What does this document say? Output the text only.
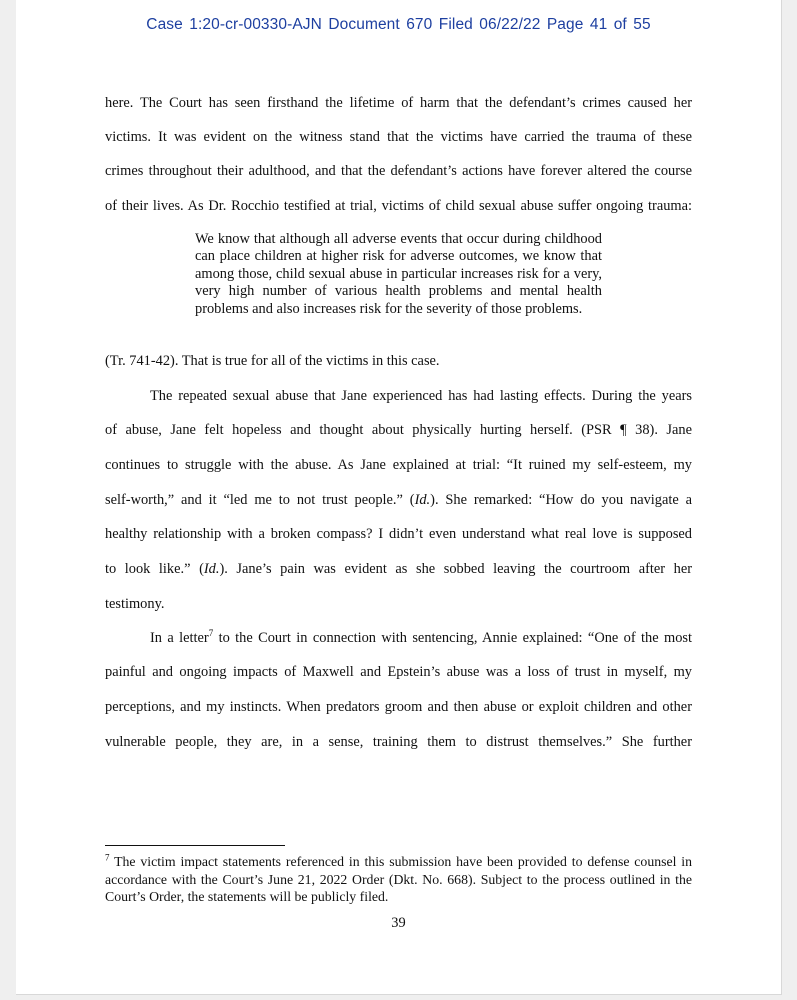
Case 1:20-cr-00330-AJN Document 670 Filed 06/22/22 Page 41 of 55
here. The Court has seen firsthand the lifetime of harm that the defendant’s crimes caused her
victims. It was evident on the witness stand that the victims have carried the trauma of these
crimes throughout their adulthood, and that the defendant’s actions have forever altered the course
of their lives. As Dr. Rocchio testified at trial, victims of child sexual abuse suffer ongoing trauma:
We know that although all adverse events that occur during childhood can place children at higher risk for adverse outcomes, we know that among those, child sexual abuse in particular increases risk for a very, very high number of various health problems and mental health problems and also increases risk for the severity of those problems.
(Tr. 741-42). That is true for all of the victims in this case.
The repeated sexual abuse that Jane experienced has had lasting effects. During the years
of abuse, Jane felt hopeless and thought about physically hurting herself. (PSR ¶ 38). Jane
continues to struggle with the abuse. As Jane explained at trial: “It ruined my self-esteem, my
self-worth,” and it “led me to not trust people.” (Id.). She remarked: “How do you navigate a
healthy relationship with a broken compass? I didn’t even understand what real love is supposed
to look like.” (Id.). Jane’s pain was evident as she sobbed leaving the courtroom after her
testimony.
In a letter$^7$ to the Court in connection with sentencing, Annie explained: “One of the most
painful and ongoing impacts of Maxwell and Epstein’s abuse was a loss of trust in myself, my
perceptions, and my instincts. When predators groom and then abuse or exploit children and other
vulnerable people, they are, in a sense, training them to distrust themselves.” She further
$^7$ The victim impact statements referenced in this submission have been provided to defense counsel in accordance with the Court’s June 21, 2022 Order (Dkt. No. 668). Subject to the process outlined in the Court’s Order, the statements will be publicly filed.
39
